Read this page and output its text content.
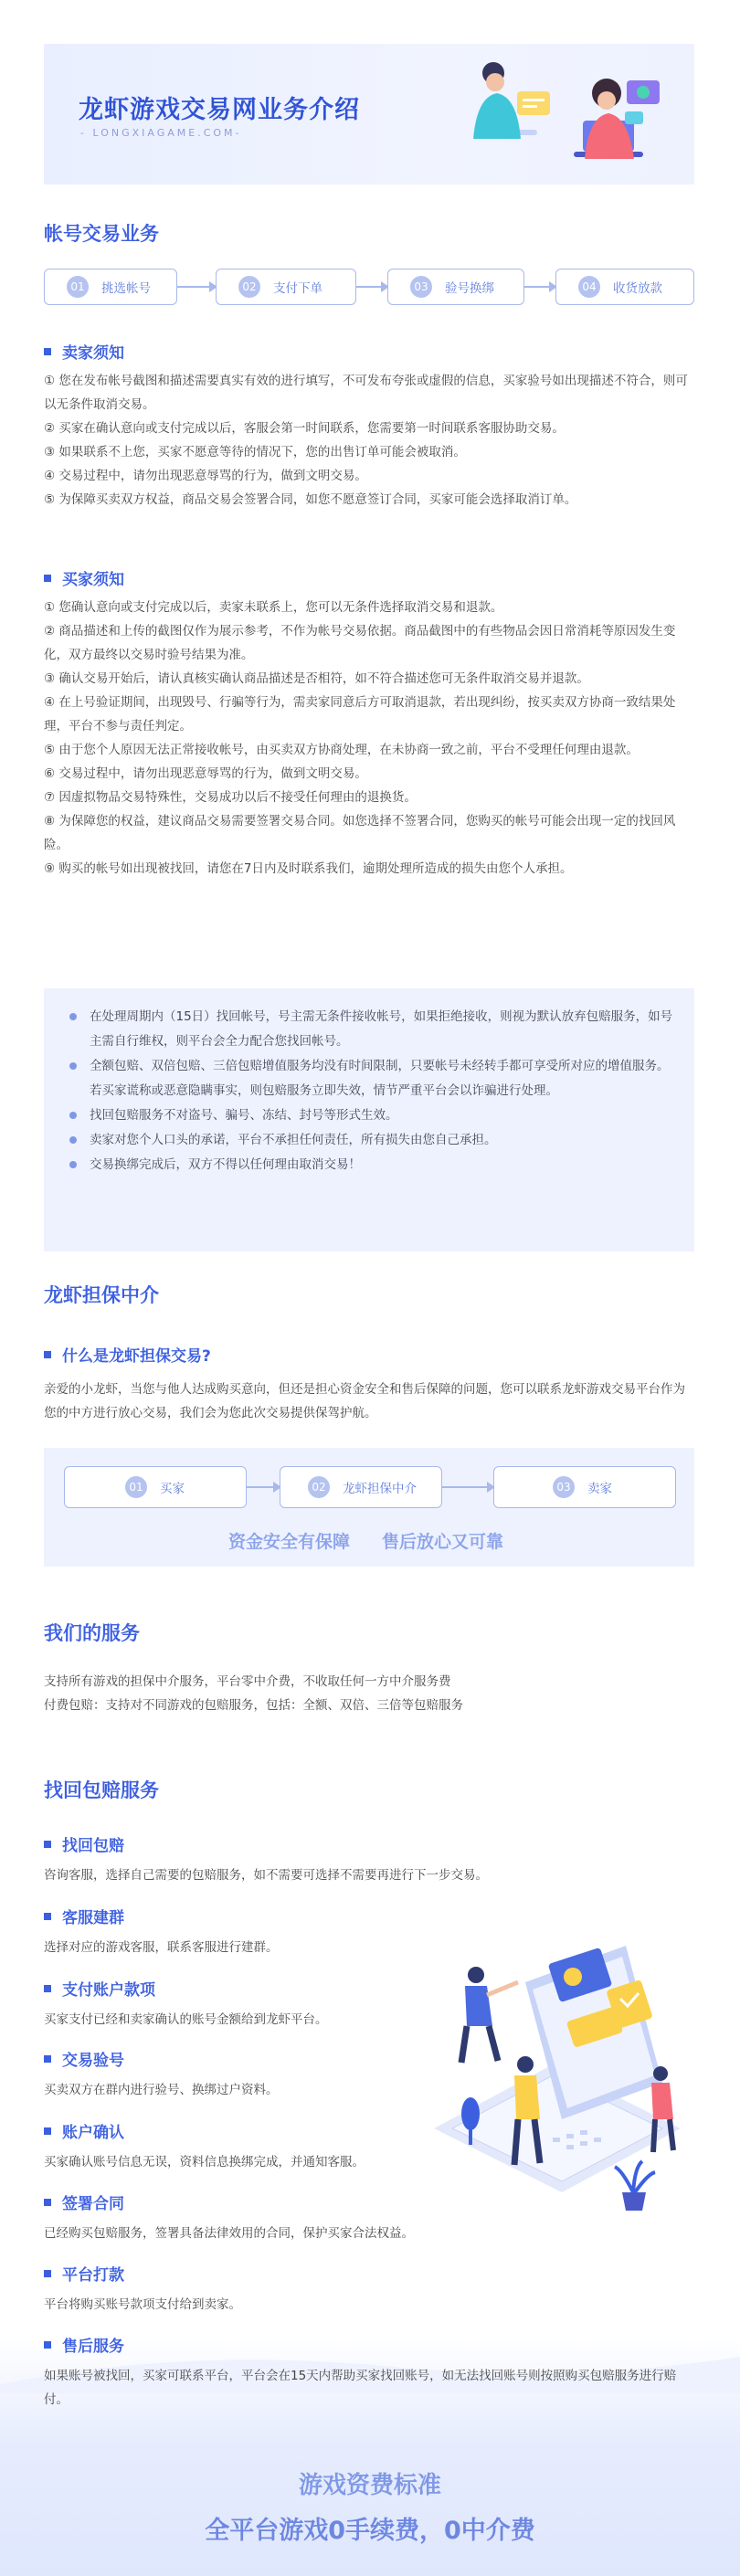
龙虾游戏交易网业务介绍
- LONGXIAGAME.COM-
帐号交易业务
01	挑选帐号	02	支付下单	03	验号换绑	04	收货放款
卖家须知

① 您在发布帐号截图和描述需要真实有效的进行填写，不可发布夸张或虚假的信息，买家验号如出现描述不符合，则可以无条件取消交易。

② 买家在确认意向或支付完成以后，客服会第一时间联系，您需要第一时间联系客服协助交易。

③ 如果联系不上您，买家不愿意等待的情况下，您的出售订单可能会被取消。

④ 交易过程中，请勿出现恶意辱骂的行为，做到文明交易。

⑤ 为保障买卖双方权益，商品交易会签署合同，如您不愿意签订合同，买家可能会选择取消订单。

买家须知

① 您确认意向或支付完成以后，卖家未联系上，您可以无条件选择取消交易和退款。

② 商品描述和上传的截图仅作为展示参考，不作为帐号交易依据。商品截图中的有些物品会因日常消耗等原因发生变化，双方最终以交易时验号结果为准。

③ 确认交易开始后，请认真核实确认商品描述是否相符，如不符合描述您可无条件取消交易并退款。

④ 在上号验证期间，出现毁号、行骗等行为，需卖家同意后方可取消退款，若出现纠纷，按买卖双方协商一致结果处理，平台不参与责任判定。

⑤ 由于您个人原因无法正常接收帐号，由买卖双方协商处理，在未协商一致之前，平台不受理任何理由退款。

⑥ 交易过程中，请勿出现恶意辱骂的行为，做到文明交易。

⑦ 因虚拟物品交易特殊性，交易成功以后不接受任何理由的退换货。

⑧ 为保障您的权益，建议商品交易需要签署交易合同。如您选择不签署合同，您购买的帐号可能会出现一定的找回风险。

⑨ 购买的帐号如出现被找回，请您在7日内及时联系我们，逾期处理所造成的损失由您个人承担。

在处理周期内（15日）找回帐号，号主需无条件接收帐号，如果拒绝接收，则视为默认放弃包赔服务，如号主需自行维权，则平台会全力配合您找回帐号。

全额包赔、双倍包赔、三倍包赔增值服务均没有时间限制，只要帐号未经转手都可享受所对应的增值服务。若买家谎称或恶意隐瞒事实，则包赔服务立即失效，情节严重平台会以诈骗进行处理。

找回包赔服务不对盗号、骗号、冻结、封号等形式生效。

卖家对您个人口头的承诺，平台不承担任何责任，所有损失由您自己承担。

交易换绑完成后，双方不得以任何理由取消交易！

龙虾担保中介
什么是龙虾担保交易?
亲爱的小龙虾，当您与他人达成购买意向，但还是担心资金安全和售后保障的问题，您可以联系龙虾游戏交易平台作为您的中方进行放心交易，我们会为您此次交易提供保驾护航。
01	买家	02	龙虾担保中介	03	卖家
资金安全有保障 售后放心又可靠
我们的服务

支持所有游戏的担保中介服务，平台零中介费，不收取任何一方中介服务费

付费包赔：支持对不同游戏的包赔服务，包括：全额、双倍、三倍等包赔服务

找回包赔服务
找回包赔
咨询客服，选择自己需要的包赔服务，如不需要可选择不需要再进行下一步交易。
客服建群
选择对应的游戏客服，联系客服进行建群。
支付账户款项
买家支付已经和卖家确认的账号金额给到龙虾平台。
交易验号
买卖双方在群内进行验号、换绑过户资料。
账户确认
买家确认账号信息无误，资料信息换绑完成，并通知客服。
签署合同
已经购买包赔服务，签署具备法律效用的合同，保护买家合法权益。
平台打款
平台将购买账号款项支付给到卖家。
售后服务
如果账号被找回，买家可联系平台，平台会在15天内帮助买家找回账号，如无法找回账号则按照购买包赔服务进行赔付。
游戏资费标准
全平台游戏0手续费，0中介费
